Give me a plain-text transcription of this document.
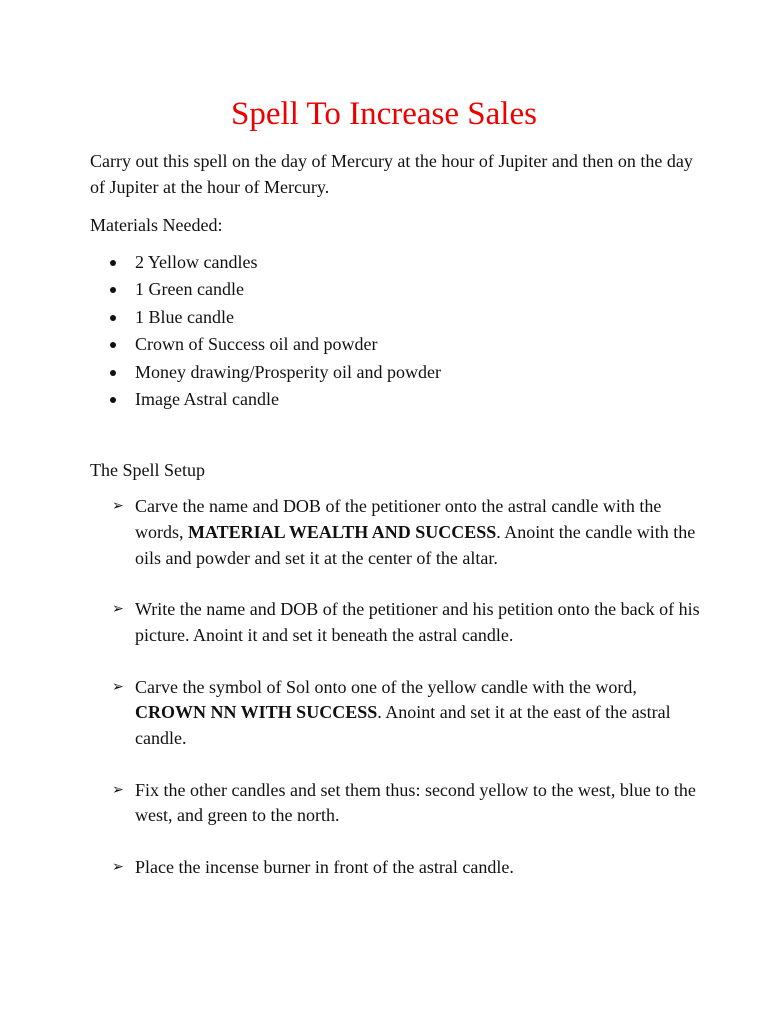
Spell To Increase Sales

Carry out this spell on the day of Mercury at the hour of Jupiter and then on the day of Jupiter at the hour of Mercury.

Materials Needed:

2 Yellow candles
1 Green candle
1 Blue candle
Crown of Success oil and powder
Money drawing/Prosperity oil and powder
Image Astral candle

The Spell Setup

➢ Carve the name and DOB of the petitioner onto the astral candle with the words, MATERIAL WEALTH AND SUCCESS. Anoint the candle with the oils and powder and set it at the center of the altar.
➢ Write the name and DOB of the petitioner and his petition onto the back of his picture. Anoint it and set it beneath the astral candle.
➢ Carve the symbol of Sol onto one of the yellow candle with the word, CROWN NN WITH SUCCESS. Anoint and set it at the east of the astral candle.
➢ Fix the other candles and set them thus: second yellow to the west, blue to the west, and green to the north.
➢ Place the incense burner in front of the astral candle.
